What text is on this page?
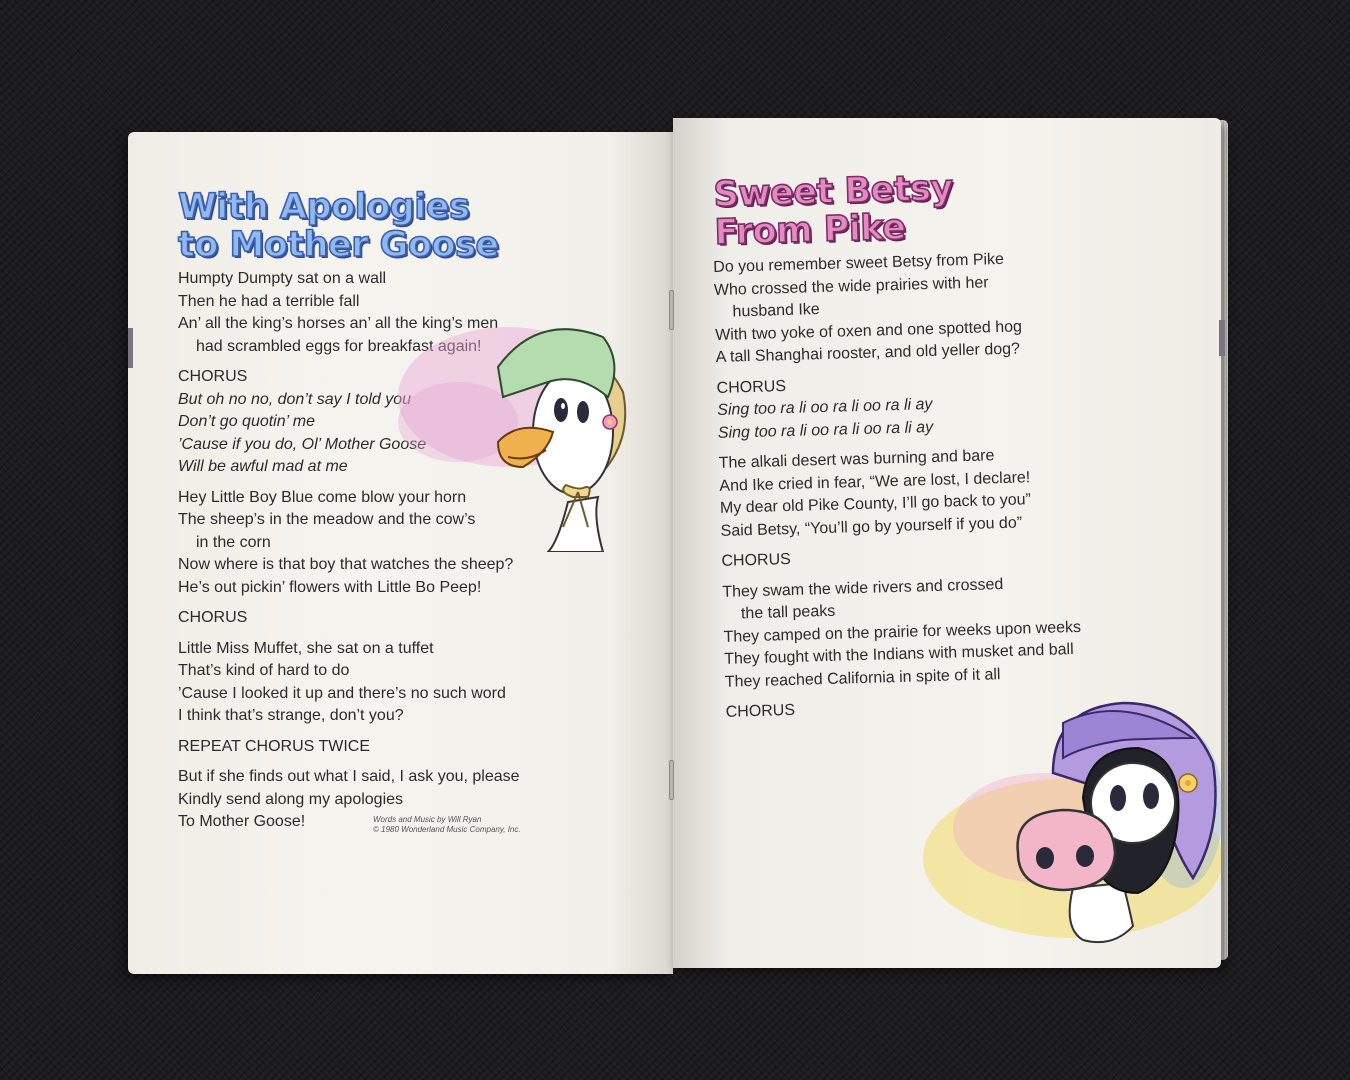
With Apologies
to Mother Goose
Humpty Dumpty sat on a wall
Then he had a terrible fall
An’ all the king’s horses an’ all the king’s men
had scrambled eggs for breakfast again!
CHORUS
But oh no no, don’t say I told you
Don’t go quotin’ me
’Cause if you do, Ol’ Mother Goose
Will be awful mad at me
Hey Little Boy Blue come blow your horn
The sheep’s in the meadow and the cow’s
in the corn
Now where is that boy that watches the sheep?
He’s out pickin’ flowers with Little Bo Peep!
CHORUS
Little Miss Muffet, she sat on a tuffet
That’s kind of hard to do
’Cause I looked it up and there’s no such word
I think that’s strange, don’t you?
REPEAT CHORUS TWICE
But if she finds out what I said, I ask you, please
Kindly send along my apologies
To Mother Goose!	Words and Music by Will Ryan
© 1980 Wonderland Music Company, Inc.
Sweet Betsy
From Pike
Do you remember sweet Betsy from Pike
Who crossed the wide prairies with her
husband Ike
With two yoke of oxen and one spotted hog
A tall Shanghai rooster, and old yeller dog?
CHORUS
Sing too ra li oo ra li oo ra li ay
Sing too ra li oo ra li oo ra li ay
The alkali desert was burning and bare
And Ike cried in fear, “We are lost, I declare!
My dear old Pike County, I’ll go back to you”
Said Betsy, “You’ll go by yourself if you do”
CHORUS
They swam the wide rivers and crossed
the tall peaks
They camped on the prairie for weeks upon weeks
They fought with the Indians with musket and ball
They reached California in spite of it all
CHORUS
